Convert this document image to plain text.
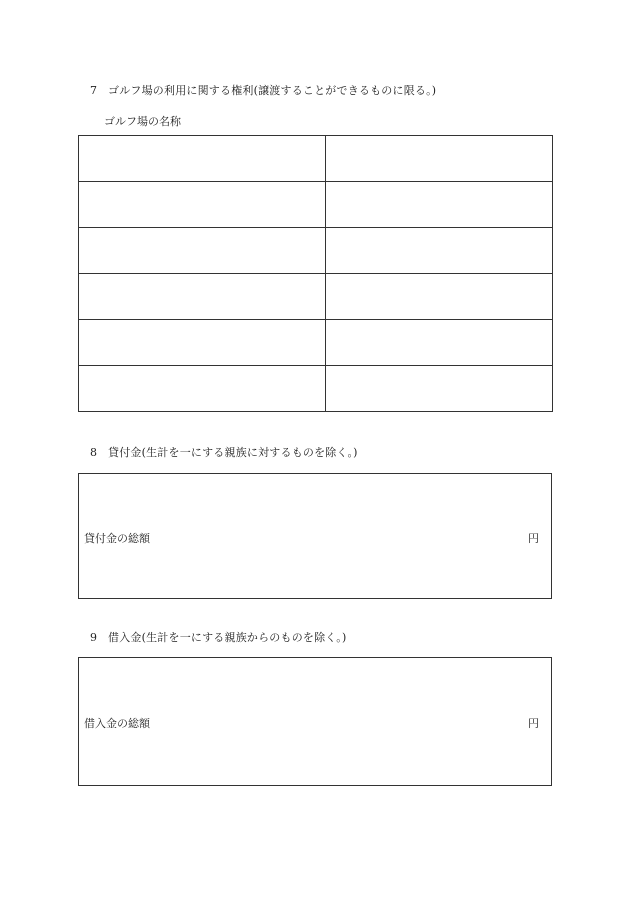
7 ゴルフ場の利用に関する権利(譲渡することができるものに限る。)
ゴルフ場の名称

8 貸付金(生計を一にする親族に対するものを除く。)
貸付金の総額	円
9 借入金(生計を一にする親族からのものを除く。)
借入金の総額	円
